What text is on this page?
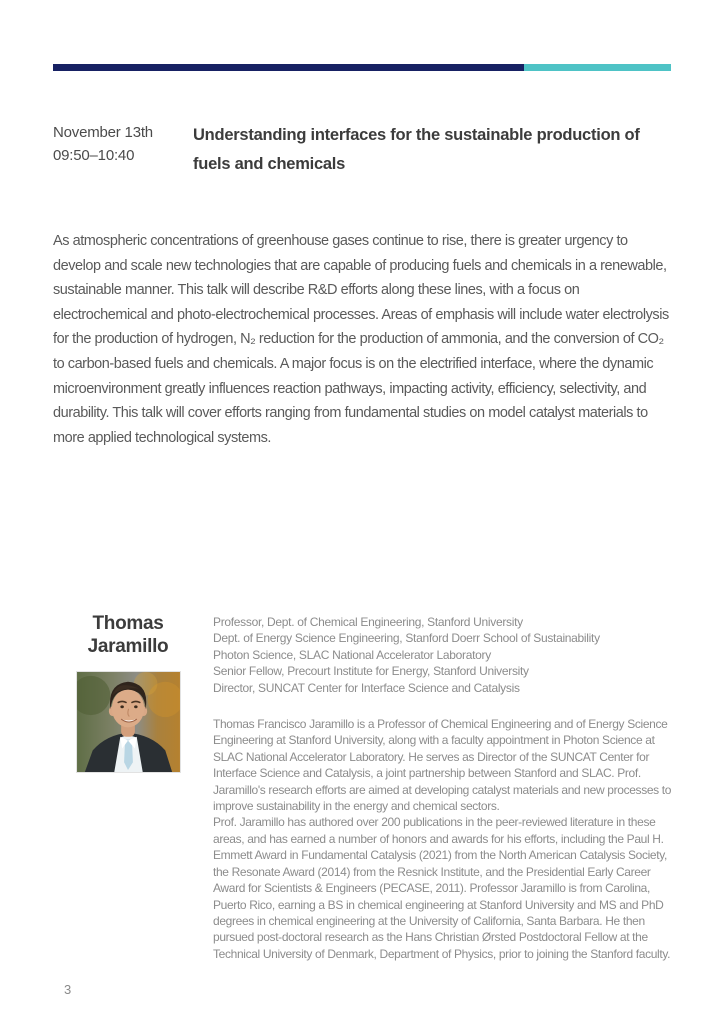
November 13th
09:50–10:40
Understanding interfaces for the sustainable production of fuels and chemicals

As atmospheric concentrations of greenhouse gases continue to rise, there is greater urgency to develop and scale new technologies that are capable of producing fuels and chemicals in a renewable, sustainable manner. This talk will describe R&D efforts along these lines, with a focus on electrochemical and photo-electrochemical processes. Areas of emphasis will include water electrolysis for the production of hydrogen, N₂ reduction for the production of ammonia, and the conversion of CO₂ to carbon-based fuels and chemicals. A major focus is on the electrified interface, where the dynamic microenvironment greatly influences reaction pathways, impacting activity, efficiency, selectivity, and durability. This talk will cover efforts ranging from fundamental studies on model catalyst materials to more applied technological systems.

Thomas Jaramillo
Professor, Dept. of Chemical Engineering, Stanford University
Dept. of Energy Science Engineering, Stanford Doerr School of Sustainability
Photon Science, SLAC National Accelerator Laboratory
Senior Fellow, Precourt Institute for Energy, Stanford University
Director, SUNCAT Center for Interface Science and Catalysis

Thomas Francisco Jaramillo is a Professor of Chemical Engineering and of Energy Science Engineering at Stanford University, along with a faculty appointment in Photon Science at SLAC National Accelerator Laboratory. He serves as Director of the SUNCAT Center for Interface Science and Catalysis, a joint partnership between Stanford and SLAC. Prof. Jaramillo's research efforts are aimed at developing catalyst materials and new processes to improve sustainability in the energy and chemical sectors.

Prof. Jaramillo has authored over 200 publications in the peer-reviewed literature in these areas, and has earned a number of honors and awards for his efforts, including the Paul H. Emmett Award in Fundamental Catalysis (2021) from the North American Catalysis Society, the Resonate Award (2014) from the Resnick Institute, and the Presidential Early Career Award for Scientists & Engineers (PECASE, 2011). Professor Jaramillo is from Carolina, Puerto Rico, earning a BS in chemical engineering at Stanford University and MS and PhD degrees in chemical engineering at the University of California, Santa Barbara. He then pursued post-doctoral research as the Hans Christian Ørsted Postdoctoral Fellow at the Technical University of Denmark, Department of Physics, prior to joining the Stanford faculty.

3
